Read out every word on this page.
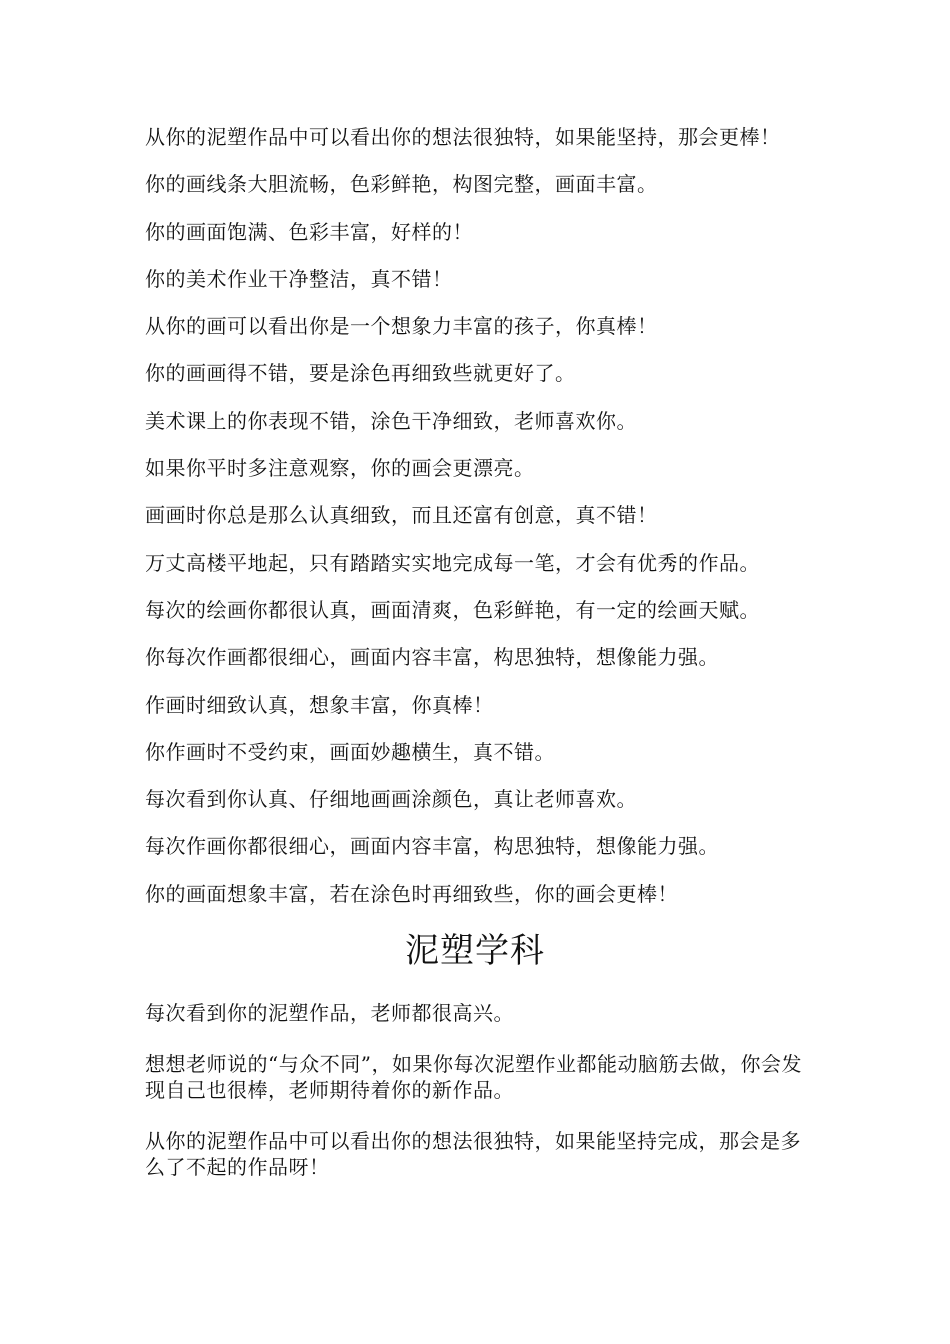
从你的泥塑作品中可以看出你的想法很独特，如果能坚持，那会更棒！
你的画线条大胆流畅，色彩鲜艳，构图完整，画面丰富。
你的画面饱满、色彩丰富，好样的！
你的美术作业干净整洁，真不错！
从你的画可以看出你是一个想象力丰富的孩子，你真棒！
你的画画得不错，要是涂色再细致些就更好了。
美术课上的你表现不错，涂色干净细致，老师喜欢你。
如果你平时多注意观察，你的画会更漂亮。
画画时你总是那么认真细致，而且还富有创意，真不错！
万丈高楼平地起，只有踏踏实实地完成每一笔，才会有优秀的作品。
每次的绘画你都很认真，画面清爽，色彩鲜艳，有一定的绘画天赋。
你每次作画都很细心，画面内容丰富，构思独特，想像能力强。
作画时细致认真，想象丰富，你真棒！
你作画时不受约束，画面妙趣横生，真不错。
每次看到你认真、仔细地画画涂颜色，真让老师喜欢。
每次作画你都很细心，画面内容丰富，构思独特，想像能力强。
你的画面想象丰富，若在涂色时再细致些，你的画会更棒！
泥塑学科
每次看到你的泥塑作品，老师都很高兴。
想想老师说的“与众不同”，如果你每次泥塑作业都能动脑筋去做，你会发现自己也很棒，老师期待着你的新作品。
从你的泥塑作品中可以看出你的想法很独特，如果能坚持完成，那会是多么了不起的作品呀！
